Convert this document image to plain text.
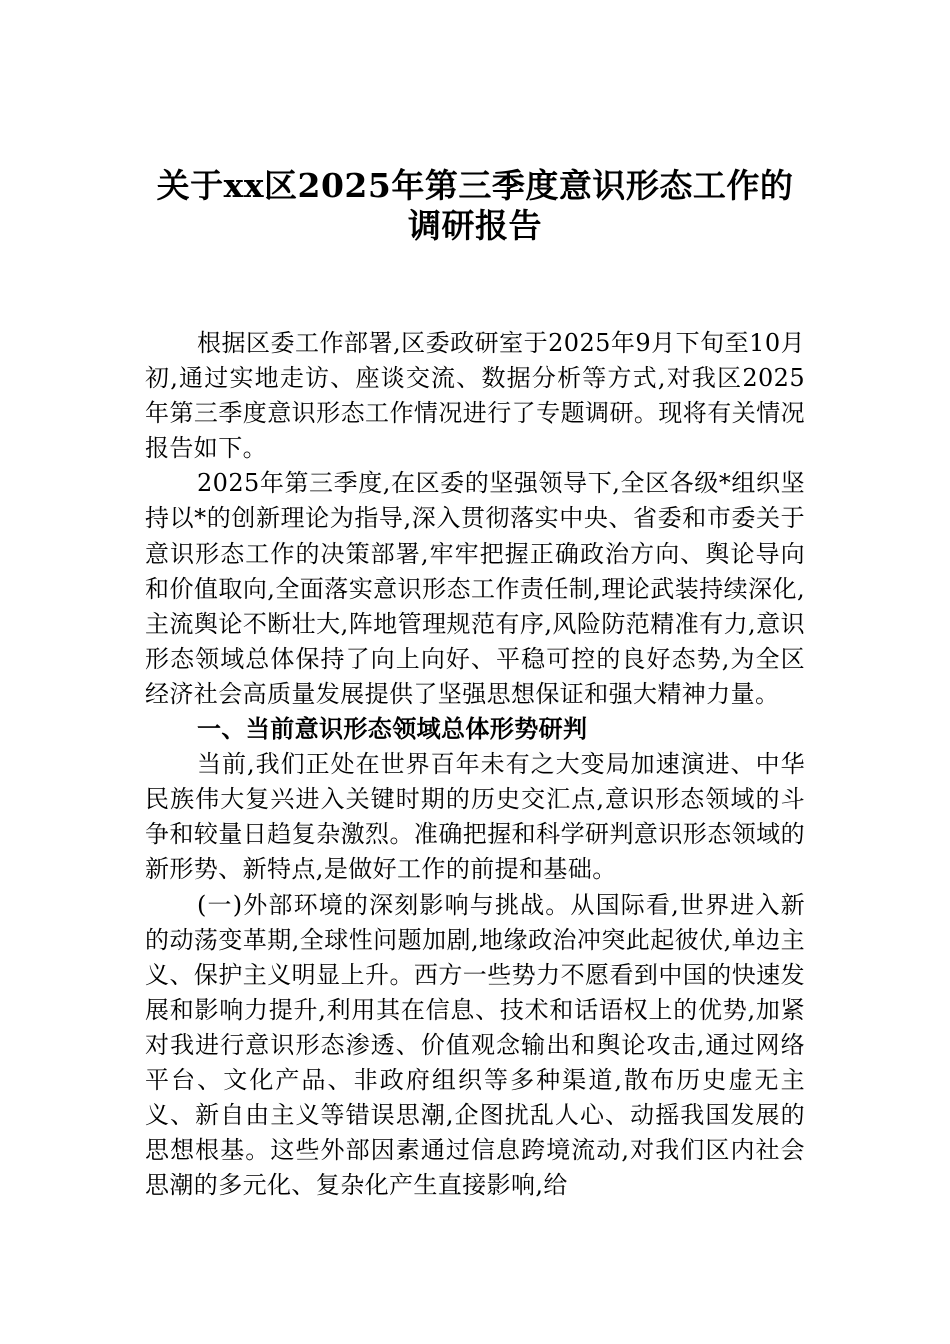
关于xx区2025年第三季度意识形态工作的
调研报告

根据区委工作部署,区委政研室于2025年9月下旬至10月初,通过实地走访、座谈交流、数据分析等方式,对我区2025年第三季度意识形态工作情况进行了专题调研。现将有关情况报告如下。

2025年第三季度,在区委的坚强领导下,全区各级*组织坚持以*的创新理论为指导,深入贯彻落实中央、省委和市委关于意识形态工作的决策部署,牢牢把握正确政治方向、舆论导向和价值取向,全面落实意识形态工作责任制,理论武装持续深化,主流舆论不断壮大,阵地管理规范有序,风险防范精准有力,意识形态领域总体保持了向上向好、平稳可控的良好态势,为全区经济社会高质量发展提供了坚强思想保证和强大精神力量。

一、当前意识形态领域总体形势研判

当前,我们正处在世界百年未有之大变局加速演进、中华民族伟大复兴进入关键时期的历史交汇点,意识形态领域的斗争和较量日趋复杂激烈。准确把握和科学研判意识形态领域的新形势、新特点,是做好工作的前提和基础。

(一)外部环境的深刻影响与挑战。从国际看,世界进入新的动荡变革期,全球性问题加剧,地缘政治冲突此起彼伏,单边主义、保护主义明显上升。西方一些势力不愿看到中国的快速发展和影响力提升,利用其在信息、技术和话语权上的优势,加紧对我进行意识形态渗透、价值观念输出和舆论攻击,通过网络平台、文化产品、非政府组织等多种渠道,散布历史虚无主义、新自由主义等错误思潮,企图扰乱人心、动摇我国发展的思想根基。这些外部因素通过信息跨境流动,对我们区内社会思潮的多元化、复杂化产生直接影响,给
